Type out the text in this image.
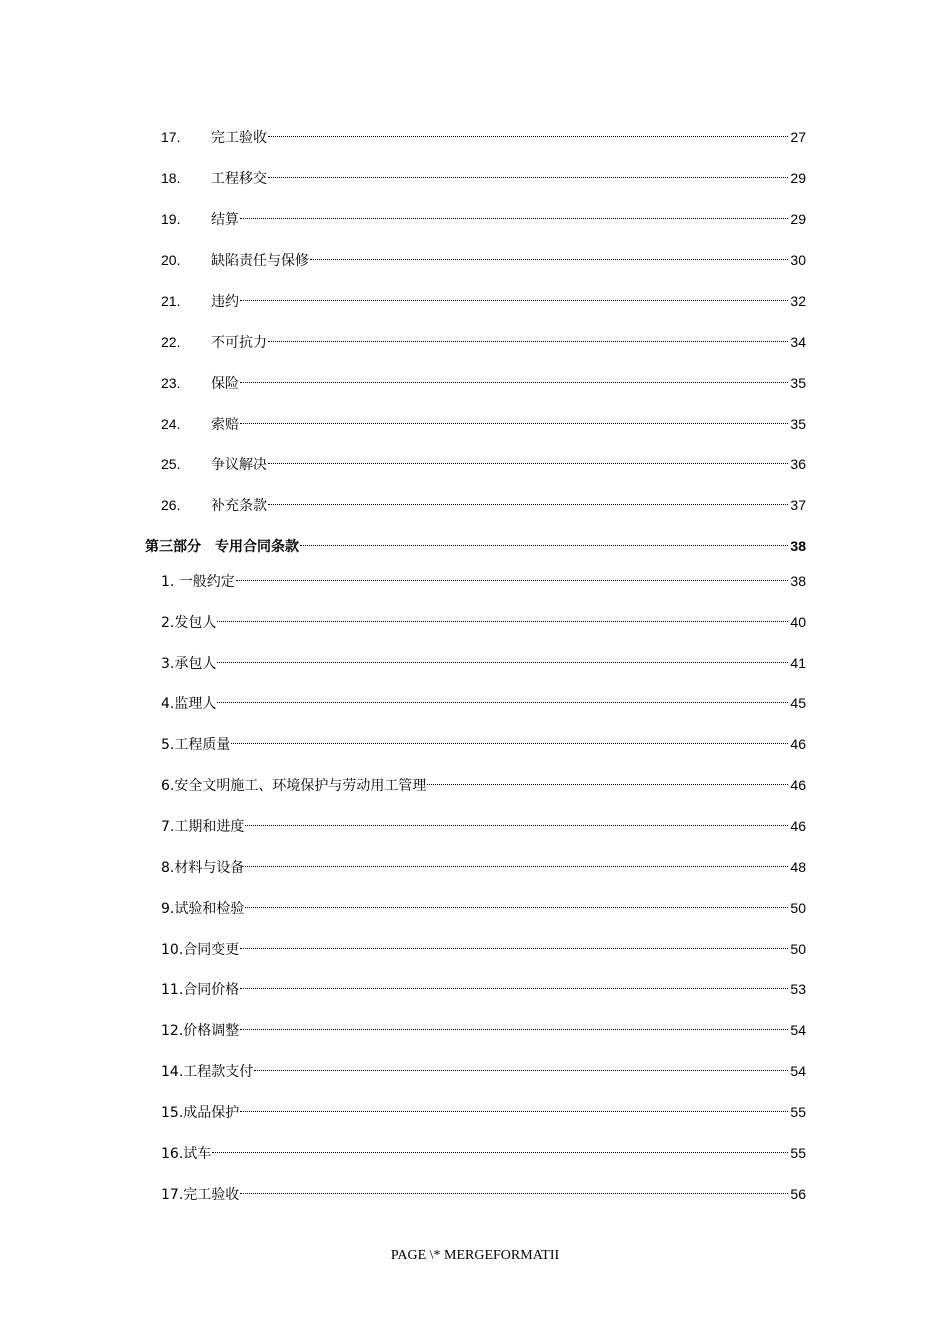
17. 完工验收	27
18. 工程移交	29
19. 结算	29
20. 缺陷责任与保修	30
21. 违约	32
22. 不可抗力	34
23. 保险	35
24. 索赔	35
25. 争议解决	36
26. 补充条款	37
第三部分　专用合同条款	38
1. 一般约定	38
2.发包人	40
3.承包人	41
4.监理人	45
5.工程质量	46
6.安全文明施工、环境保护与劳动用工管理	46
7.工期和进度	46
8.材料与设备	48
9.试验和检验	50
10.合同变更	50
11.合同价格	53
12.价格调整	54
14.工程款支付	54
15.成品保护	55
16.试车	55
17.完工验收	56
PAGE \* MERGEFORMATII
